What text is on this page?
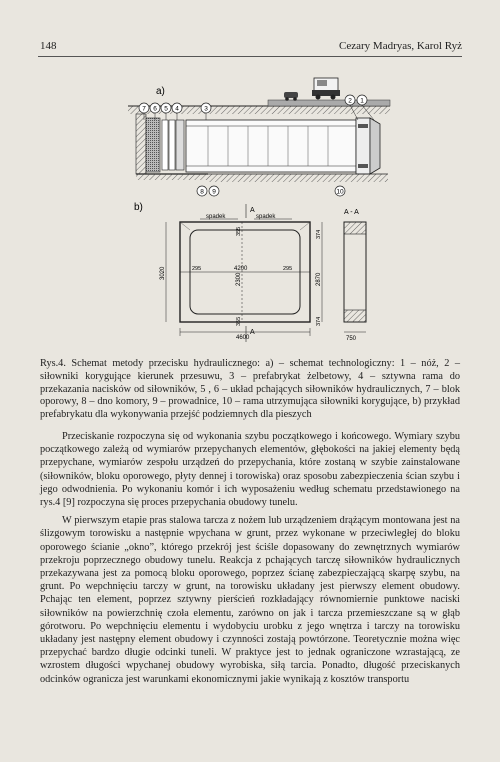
148	Cezary Madryas, Karol Ryż
a)
7 6 5 4	3
2 1
8 9	10
b)	A
A
spadek	spadek
3020
355
2300
355
295	4200	295
4600
374
2870
374
A - A
750

Rys.4. Schemat metody przecisku hydraulicznego: a) – schemat technologiczny: 1 – nóż, 2 – siłowniki korygujące kierunek przesuwu, 3 – prefabrykat żelbetowy, 4 – sztywna rama do przekazania nacisków od siłowników, 5 , 6 – układ pchających siłowników hydraulicznych, 7 – blok oporowy, 8 – dno komory, 9 – prowadnice, 10 – rama utrzymująca siłowniki korygujące, b) przykład prefabrykatu dla wykonywania przejść podziemnych dla pieszych

Przeciskanie rozpoczyna się od wykonania szybu początkowego i końcowego. Wymiary szybu początkowego zależą od wymiarów przepychanych elementów, głębokości na jakiej elementy będą przepychane, wymiarów zespołu urządzeń do przepychania, które zostaną w szybie zainstalowane (siłowników, bloku oporowego, płyty dennej i torowiska) oraz sposobu zabezpieczenia ścian szybu i jego odwodnienia. Po wykonaniu komór i ich wyposażeniu według schematu przedstawionego na rys.4 [9] rozpoczyna się proces przepychania obudowy tunelu.

W pierwszym etapie pras stalowa tarcza z nożem lub urządzeniem drążącym montowana jest na ślizgowym torowisku a następnie wpychana w grunt, przez wykonane w przeciwległej do bloku oporowego ścianie „okno”, którego przekrój jest ściśle dopasowany do zewnętrznych wymiarów przekroju poprzecznego obudowy tunelu. Reakcja z pchających tarczę siłowników hydraulicznych przekazywana jest za pomocą bloku oporowego, poprzez ścianę zabezpieczającą skarpę szybu, na grunt. Po wepchnięciu tarczy w grunt, na torowisku układany jest pierwszy element obudowy. Pchając ten element, poprzez sztywny pierścień rozkładający równomiernie punktowe naciski siłowników na powierzchnię czoła elementu, zarówno on jak i tarcza przemieszczane są w głąb górotworu. Po wepchnięciu elementu i wydobyciu urobku z jego wnętrza i tarczy na torowisku układany jest następny element obudowy i czynności zostają powtórzone. Teoretycznie można więc przepychać bardzo długie odcinki tuneli. W praktyce jest to jednak ograniczone wzrastającą, ze wzrostem długości wpychanej obudowy wyrobiska, siłą tarcia. Ponadto, długość przeciskanych odcinków ogranicza jest warunkami ekonomicznymi jakie wynikają z kosztów transportu
